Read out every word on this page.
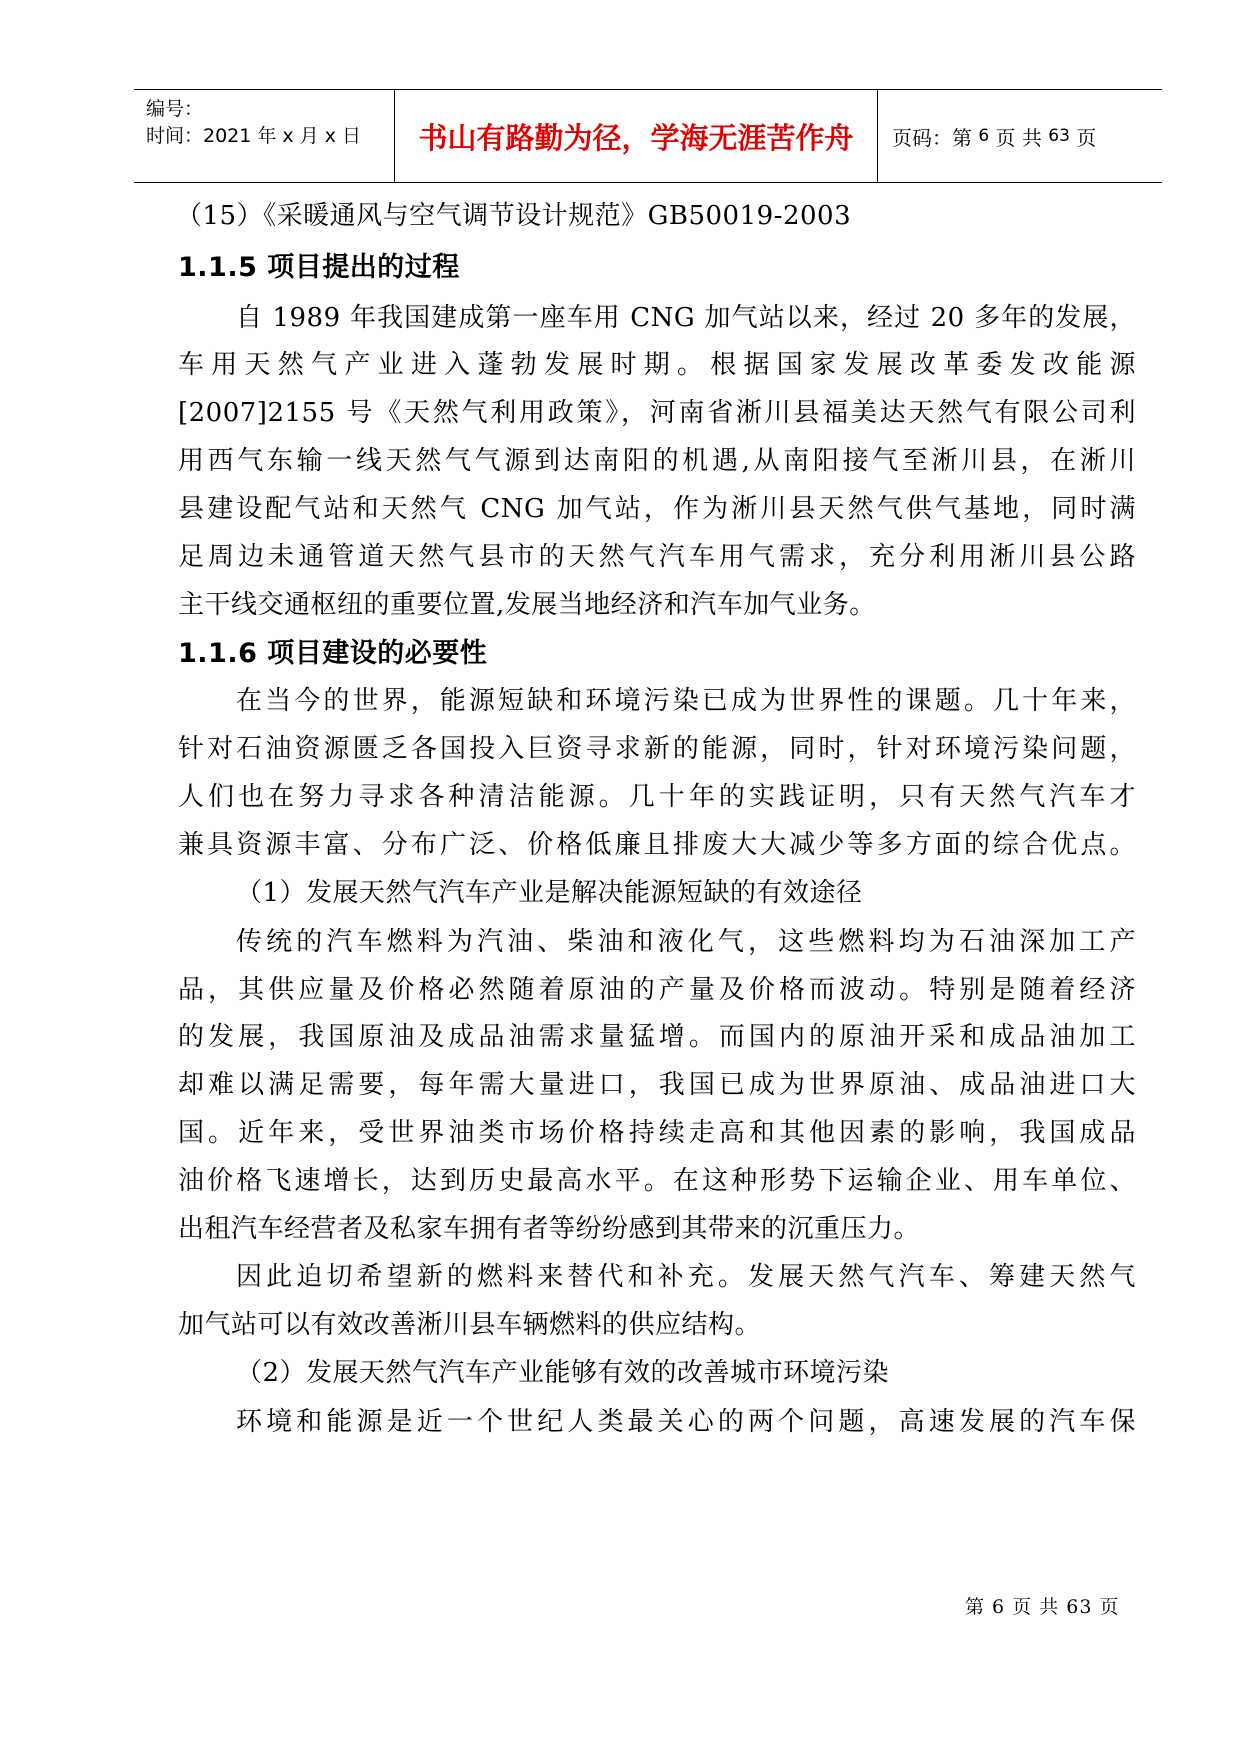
编号：
时间：2021 年 x 月 x 日	书山有路勤为径，学海无涯苦作舟	页码：第
6
页 共
63
页
（15）《采暖通风与空气调节设计规范》GB50019-2003
1.1.5 项目提出的过程
自 1989 年我国建成第一座车用 CNG 加气站以来，经过 20 多年的发展，
车用天然气产业进入蓬勃发展时期。根据国家发展改革委发改能源
[2007]2155 号《天然气利用政策》，河南省淅川县福美达天然气有限公司利
用西气东输一线天然气气源到达南阳的机遇,从南阳接气至淅川县，在淅川
县建设配气站和天然气 CNG 加气站，作为淅川县天然气供气基地，同时满
足周边未通管道天然气县市的天然气汽车用气需求，充分利用淅川县公路
主干线交通枢纽的重要位置,发展当地经济和汽车加气业务。
1.1.6 项目建设的必要性
在当今的世界，能源短缺和环境污染已成为世界性的课题。几十年来，
针对石油资源匮乏各国投入巨资寻求新的能源，同时，针对环境污染问题，
人们也在努力寻求各种清洁能源。几十年的实践证明，只有天然气汽车才
兼具资源丰富、分布广泛、价格低廉且排废大大减少等多方面的综合优点。
（1）发展天然气汽车产业是解决能源短缺的有效途径
传统的汽车燃料为汽油、柴油和液化气，这些燃料均为石油深加工产
品，其供应量及价格必然随着原油的产量及价格而波动。特别是随着经济
的发展，我国原油及成品油需求量猛增。而国内的原油开采和成品油加工
却难以满足需要，每年需大量进口，我国已成为世界原油、成品油进口大
国。近年来，受世界油类市场价格持续走高和其他因素的影响，我国成品
油价格飞速增长，达到历史最高水平。在这种形势下运输企业、用车单位、
出租汽车经营者及私家车拥有者等纷纷感到其带来的沉重压力。
因此迫切希望新的燃料来替代和补充。发展天然气汽车、筹建天然气
加气站可以有效改善淅川县车辆燃料的供应结构。
（2）发展天然气汽车产业能够有效的改善城市环境污染
环境和能源是近一个世纪人类最关心的两个问题，高速发展的汽车保
第 6 页 共 63 页
